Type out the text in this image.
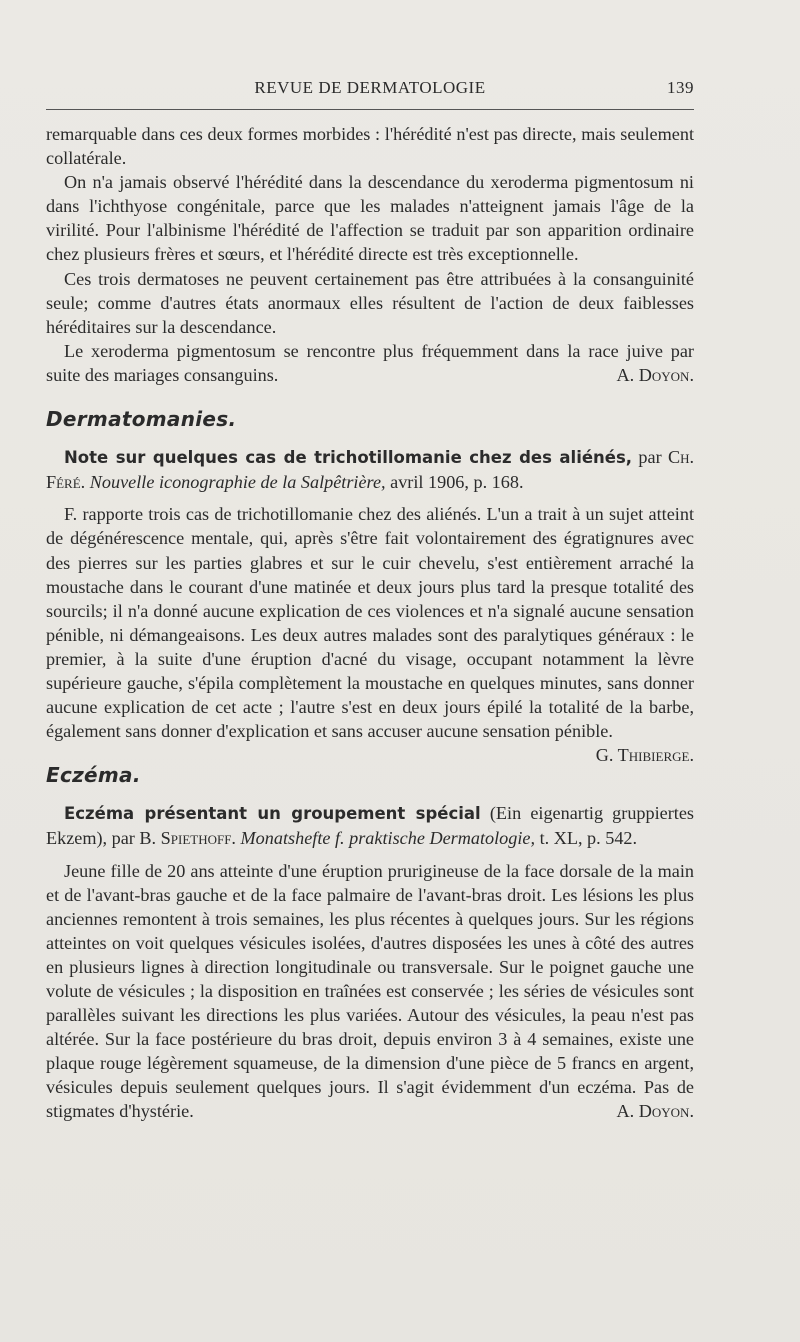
REVUE DE DERMATOLOGIE	139

remarquable dans ces deux formes morbides : l'hérédité n'est pas directe, mais seulement collatérale.

On n'a jamais observé l'hérédité dans la descendance du xeroderma pigmentosum ni dans l'ichthyose congénitale, parce que les malades n'atteignent jamais l'âge de la virilité. Pour l'albinisme l'hérédité de l'affection se traduit par son apparition ordinaire chez plusieurs frères et sœurs, et l'hérédité directe est très exceptionnelle.

Ces trois dermatoses ne peuvent certainement pas être attribuées à la consanguinité seule; comme d'autres états anormaux elles résultent de l'action de deux faiblesses héréditaires sur la descendance.

Le xeroderma pigmentosum se rencontre plus fréquemment dans la race juive par suite des mariages consanguins.	A. Doyon.

Dermatomanies.

Note sur quelques cas de trichotillomanie chez des aliénés, par Ch. Féré. Nouvelle iconographie de la Salpêtrière, avril 1906, p. 168.

F. rapporte trois cas de trichotillomanie chez des aliénés. L'un a trait à un sujet atteint de dégénérescence mentale, qui, après s'être fait volontairement des égratignures avec des pierres sur les parties glabres et sur le cuir chevelu, s'est entièrement arraché la moustache dans le courant d'une matinée et deux jours plus tard la presque totalité des sourcils; il n'a donné aucune explication de ces violences et n'a signalé aucune sensation pénible, ni démangeaisons. Les deux autres malades sont des paralytiques généraux : le premier, à la suite d'une éruption d'acné du visage, occupant notamment la lèvre supérieure gauche, s'épila complètement la moustache en quelques minutes, sans donner aucune explication de cet acte ; l'autre s'est en deux jours épilé la totalité de la barbe, également sans donner d'explication et sans accuser aucune sensation pénible.
G. Thibierge.

Eczéma.

Eczéma présentant un groupement spécial (Ein eigenartig gruppiertes Ekzem), par B. Spiethoff. Monatshefte f. praktische Dermatologie, t. XL, p. 542.

Jeune fille de 20 ans atteinte d'une éruption prurigineuse de la face dorsale de la main et de l'avant-bras gauche et de la face palmaire de l'avant-bras droit. Les lésions les plus anciennes remontent à trois semaines, les plus récentes à quelques jours. Sur les régions atteintes on voit quelques vésicules isolées, d'autres disposées les unes à côté des autres en plusieurs lignes à direction longitudinale ou transversale. Sur le poignet gauche une volute de vésicules ; la disposition en traînées est conservée ; les séries de vésicules sont parallèles suivant les directions les plus variées. Autour des vésicules, la peau n'est pas altérée. Sur la face postérieure du bras droit, depuis environ 3 à 4 semaines, existe une plaque rouge légèrement squameuse, de la dimension d'une pièce de 5 francs en argent, vésicules depuis seulement quelques jours. Il s'agit évidemment d'un eczéma. Pas de stigmates d'hystérie.	A. Doyon.
